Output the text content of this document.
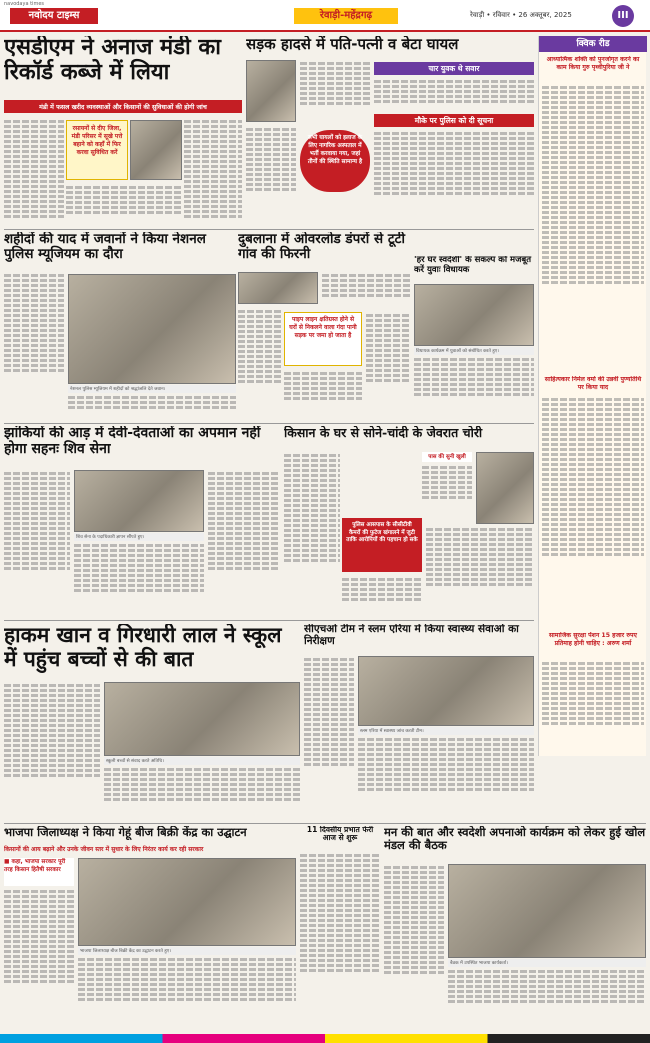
navodaya times
नवोदय टाइम्स	रेवाड़ी-महेंद्रगढ़	रेवाड़ी • रविवार • 26 अक्तूबर, 2025	III
एसडीएम ने अनाज मंडी का रिकॉर्ड कब्जे में लिया
मंडी में फसल खरीद व्यवस्थाओं और किसानों की सुविधाओं की होगी जांच
रसायनों से दीए जिला, मंडी परिसर में सूखे पत्ते बहाने को कहाँ में फिर करवा सुविधित करें
सड़क हादसे में पति-पत्नी व बेटा घायल
चार युवक थे सवार
मौके पर पुलिस को दी सूचना
सभी घायलों को इलाज के लिए नागरिक अस्पताल में भर्ती करवाया गया, जहां तीनों की स्थिति सामान्य है
शहीदों की याद में जवानों ने किया नेशनल पुलिस म्यूजियम का दौरा
नेशनल पुलिस म्यूजियम में शहीदों को श्रद्धांजलि देते जवान।
दुबलाना में ओवरलोड डंपरों से टूटी गांव की फिरनी
पाइप लाइन क्षतिग्रस्त होने से घरों से निकलने वाला गंदा पानी सड़क पर जमा हो जाता है
'हर घर स्वदेशी' के संकल्प को मजबूत करें युवाः विधायक
विधायक कार्यक्रम में युवाओं को संबोधित करते हुए।
झांकियों की आड़ में देवी-देवताओं का अपमान नहीं होगा सहनः शिव सेना
शिव सेना के पदाधिकारी ज्ञापन सौंपते हुए।
किसान के घर से सोने-चांदी के जेवरात चोरी
पुलिस आसपास के सीसीटीवी कैमरों की फुटेज खंगालने में जुटी ताकि आरोपियों की पहचान हो सके
पास की सुनी खुली
क्विक रीड
आध्यात्मिक शक्ति को पुनर्जागृत करने का काम किया गुरु पृथ्वीपुरिया जी ने
साहित्यकार निर्मल वर्मा की उन्नवीं पुण्यतिथि पर किया याद
सामाजिक सुरक्षा पेंशन 15 हजार रुपए प्रतिमाह होनी चाहिए : अरुण शर्मा
हाकम खान व गिरधारी लाल ने स्कूल में पहुंच बच्चों से की बात
स्कूली बच्चों से संवाद करते अतिथि।
सीएचओ टीम ने स्लम एरिया में किया स्वास्थ्य सेवाओं का निरीक्षण
स्लम एरिया में स्वास्थ्य जांच करती टीम।
भाजपा जिलाध्यक्ष ने किया गेहूं बीज बिक्री केंद्र का उद्घाटन
किसानों की आय बढ़ाने और उनके जीवन स्तर में सुधार के लिए निरंतर कार्य कर रही सरकार
■ कहा, भाजपा सरकार पूरी तरह किसान हितैषी सरकार
भाजपा जिलाध्यक्ष बीज बिक्री केंद्र का उद्घाटन करते हुए।
11 दिवसीय प्रभात फेरी आज से शुरू	मन की बात और स्वदेशी अपनाओ कार्यक्रम को लेकर हुई खोल मंडल की बैठक
बैठक में उपस्थित भाजपा कार्यकर्ता।
